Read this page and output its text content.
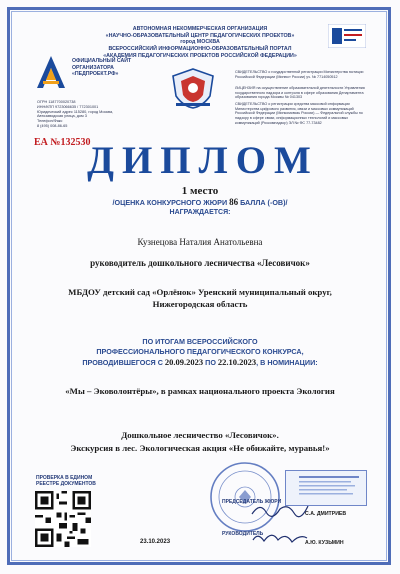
АВТОНОМНАЯ НЕКОММЕРЧЕСКАЯ ОРГАНИЗАЦИЯ
«НАУЧНО-ОБРАЗОВАТЕЛЬНЫЙ ЦЕНТР ПЕДАГОГИЧЕСКИХ ПРОЕКТОВ»
город МОСКВА
ВСЕРОССИЙСКИЙ ИНФОРМАЦИОННО-ОБРАЗОВАТЕЛЬНЫЙ ПОРТАЛ
«АКАДЕМИЯ ПЕДАГОГИЧЕСКИХ ПРОЕКТОВ РОССИЙСКОЙ ФЕДЕРАЦИИ»
ОФИЦИАЛЬНЫЙ САЙТ
ОРГАНИЗАТОРА
«ПЕДПРОЕКТ.РФ»
ОГРН 1187700020738
ИНН/КПП 9723066635 / 772301001
Юридический адрес 115280, город Москва,
Автозаводская улица, дом 3
Телефон/Факс
8 (495) 008-86-65
СВИДЕТЕЛЬСТВО о государственной регистрации Министерства юстиции Российской Федерации (Минюст России) уч. № 7714050512
ЛИЦЕНЗИЯ на осуществление образовательной деятельности Управления государственного надзора и контроля в сфере образования Департамента образования города Москвы № 041303
СВИДЕТЕЛЬСТВО о регистрации средства массовой информации Министерства цифрового развития, связи и массовых коммуникаций Российской Федерации (Минкомсвязь России) — Федеральной службы по надзору в сфере связи, информационных технологий и массовых коммуникаций (Роскомнадзор) ЭЛ № ФС 77-73482
ЕА №132530
ДИПЛОМ
1 место
/ОЦЕНКА КОНКУРСНОГО ЖЮРИ 86 БАЛЛА (-ОВ)/
НАГРАЖДАЕТСЯ:
Кузнецова Наталия Анатольевна
руководитель дошкольного лесничества «Лесовичок»
МБДОУ детский сад «Орлёнок» Уренский муниципальный округ,
Нижегородская область
ПО ИТОГАМ ВСЕРОССИЙСКОГО
ПРОФЕССИОНАЛЬНОГО ПЕДАГОГИЧЕСКОГО КОНКУРСА,
ПРОВОДИВШЕГОСЯ С 20.09.2023 ПО 22.10.2023, В НОМИНАЦИИ:
«Мы – Эковолонтёры», в рамках национального проекта Экология
Дошкольное лесничество «Лесовичок».
Экскурсия в лес. Экологическая акция «Не обижайте, муравья!»
ПРОВЕРКА В ЕДИНОМ
РЕЕСТРЕ ДОКУМЕНТОВ
23.10.2023
ПРЕДСЕДАТЕЛЬ ЖЮРИ
С.А. ДМИТРИЕВ
РУКОВОДИТЕЛЬ
А.Ю. КУЗЬМИН
